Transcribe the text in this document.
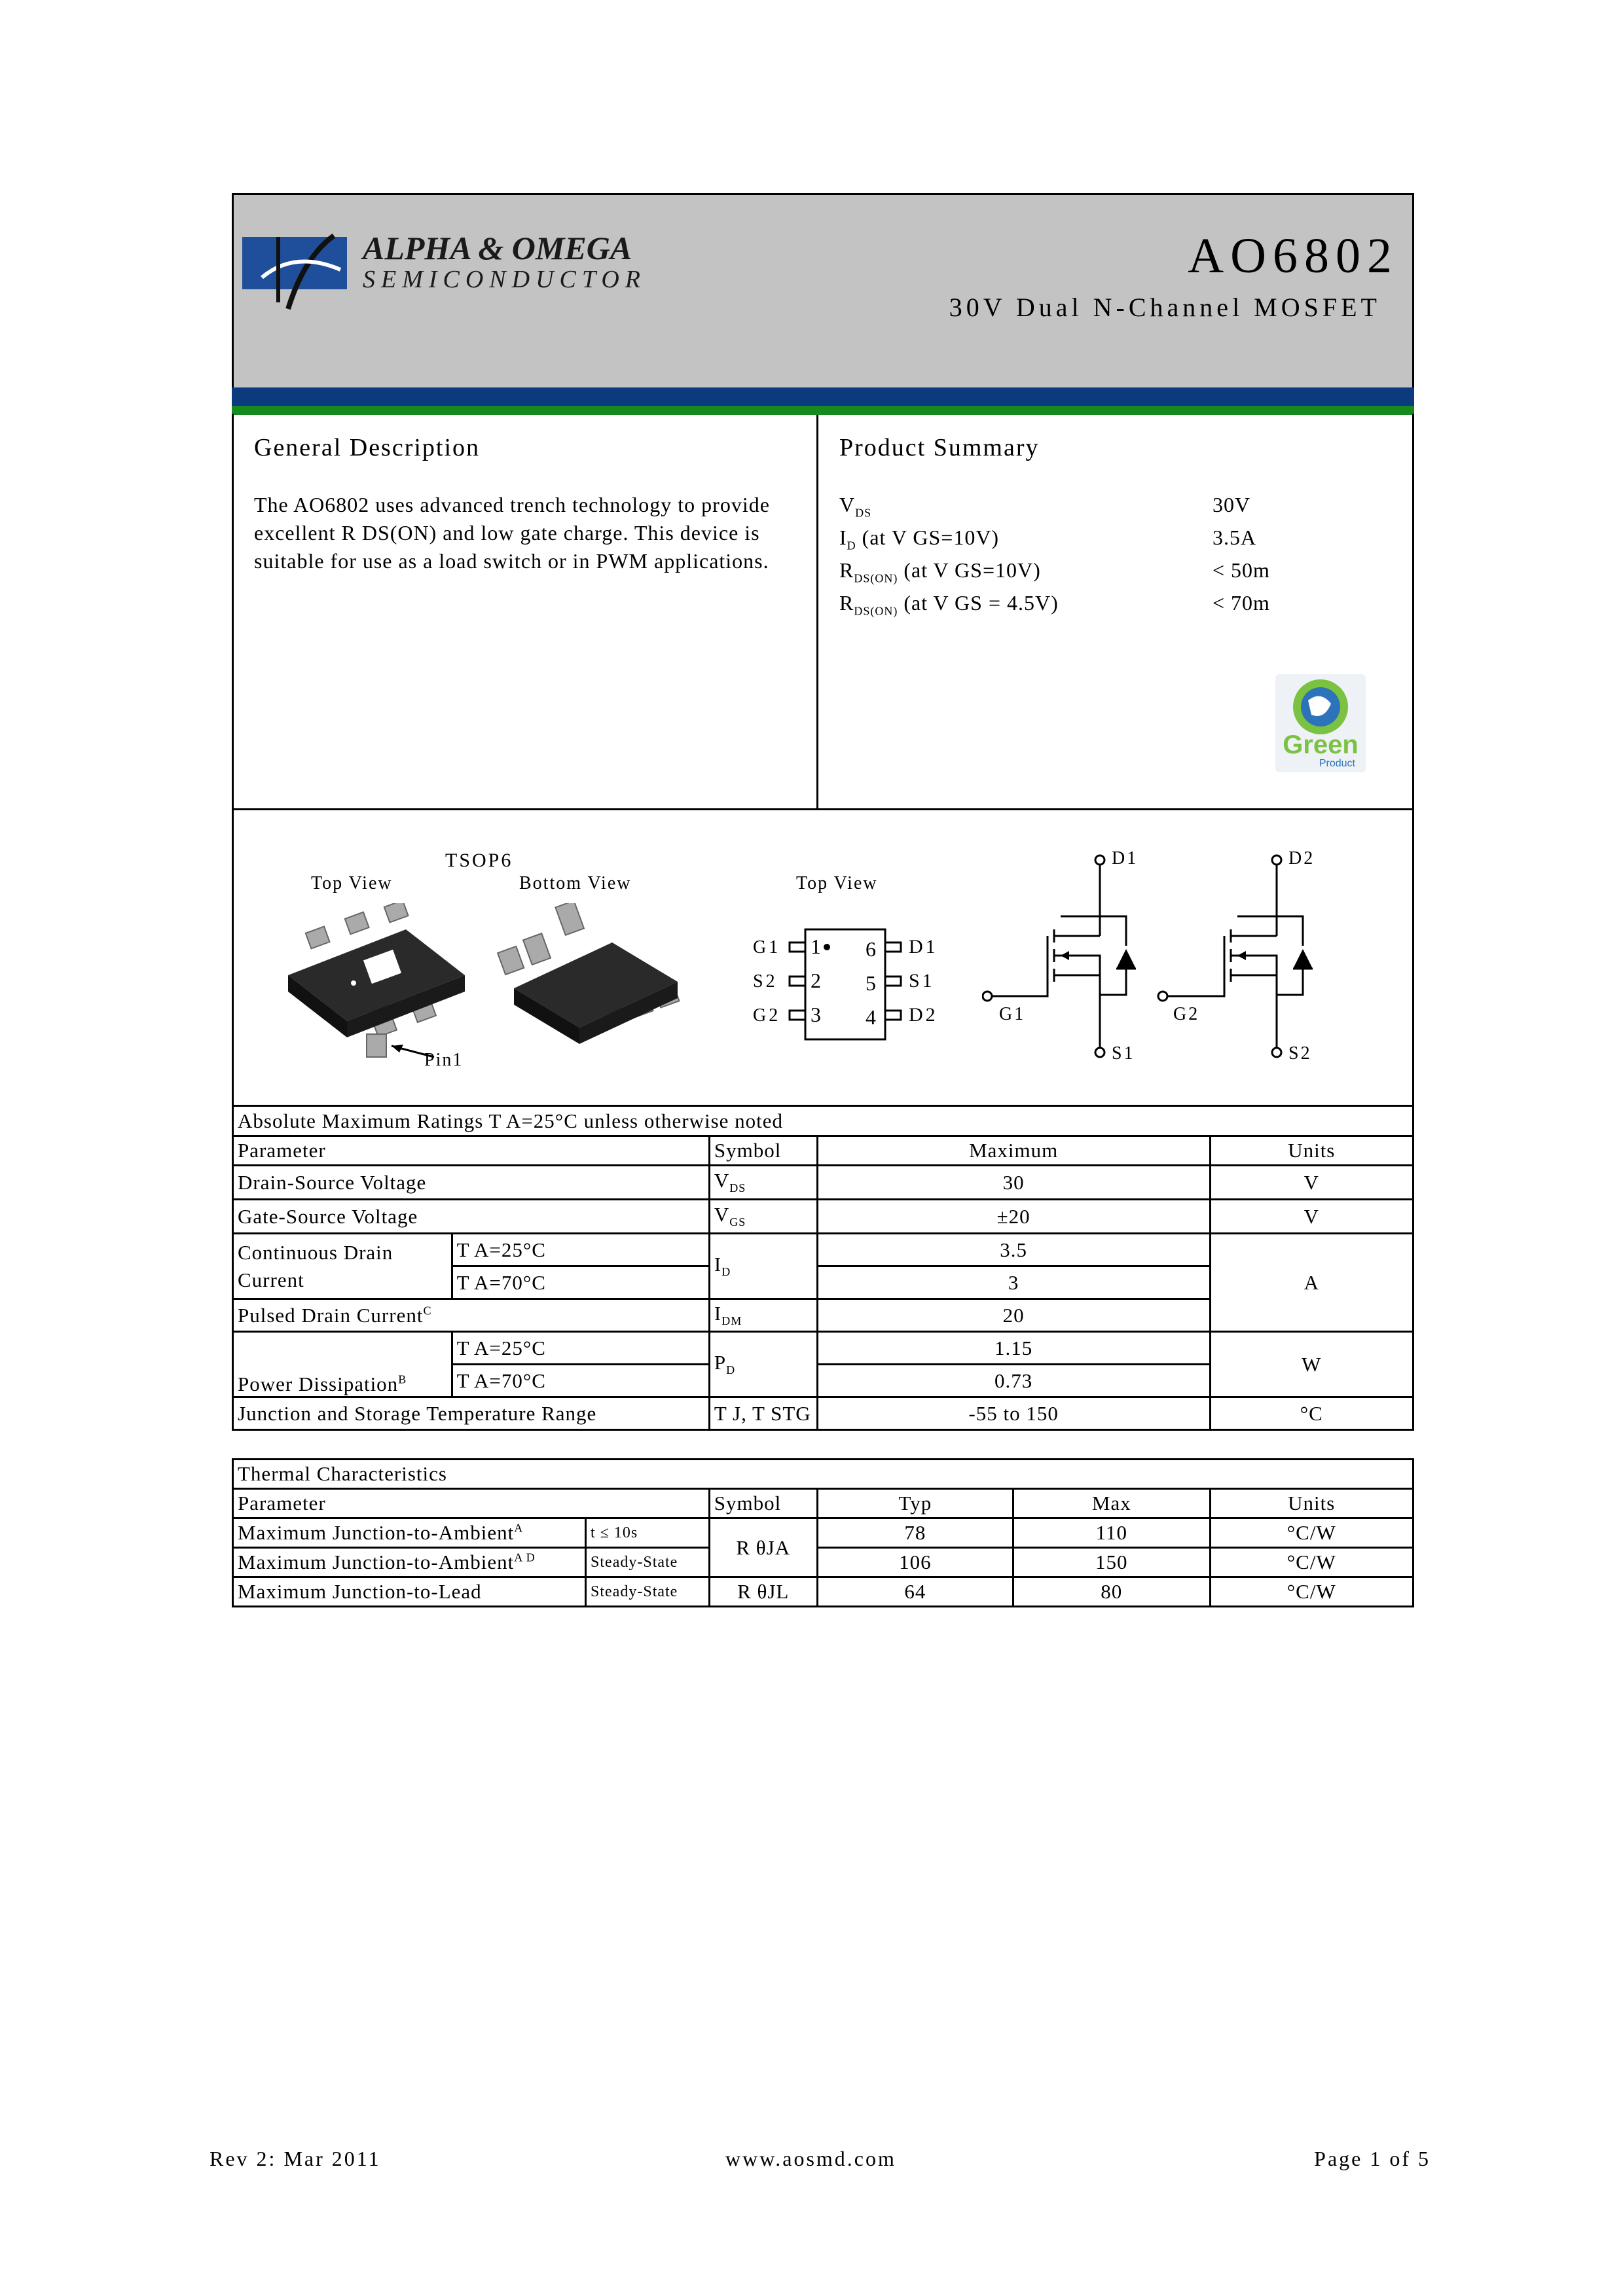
ALPHA & OMEGA
SEMICONDUCTOR	AO6802
30V Dual N-Channel MOSFET
General Description
The AO6802 uses advanced trench technology to provide excellent R DS(ON) and low gate charge. This device is suitable for use as a load switch or in PWM applications.
Product Summary
$V_{DS}$	30V
$I_D$ (at V GS=10V)	3.5A
$R_{DS(ON)}$ (at V GS=10V)	< 50m
$R_{DS(ON)}$ (at V GS = 4.5V)	< 70m
Green
Product
TSOP6
Top View	Bottom View
Pin1
Top View
G1
S2
G2
1
2
3
6
5
4
D1
S1
D2
D1
G1
S1
D2
G2
S2
Absolute Maximum Ratings T A=25°C unless otherwise noted				
Parameter		Symbol	Maximum	Units
Drain-Source Voltage		$V_{DS}$	30	V
Gate-Source Voltage		$V_{GS}$	±20	V
Continuous Drain
Current	T A=25°C	$I_D$	3.5	A
	T A=70°C		3	
Pulsed Drain Current$^C$		$I_{DM}$	20	
Power Dissipation$^B$	T A=25°C	$P_D$	1.15	W
	T A=70°C		0.73	
Junction and Storage Temperature Range		T J, T STG	-55 to 150	°C
Thermal Characteristics					
Parameter		Symbol	Typ	Max	Units
Maximum Junction-to-Ambient$^A$	t ≤ 10s	R θJA	78	110	°C/W
Maximum Junction-to-Ambient$^{A D}$	Steady-State		106	150	°C/W
Maximum Junction-to-Lead	Steady-State	R θJL	64	80	°C/W
Rev 2: Mar 2011	www.aosmd.com	Page 1 of 5
